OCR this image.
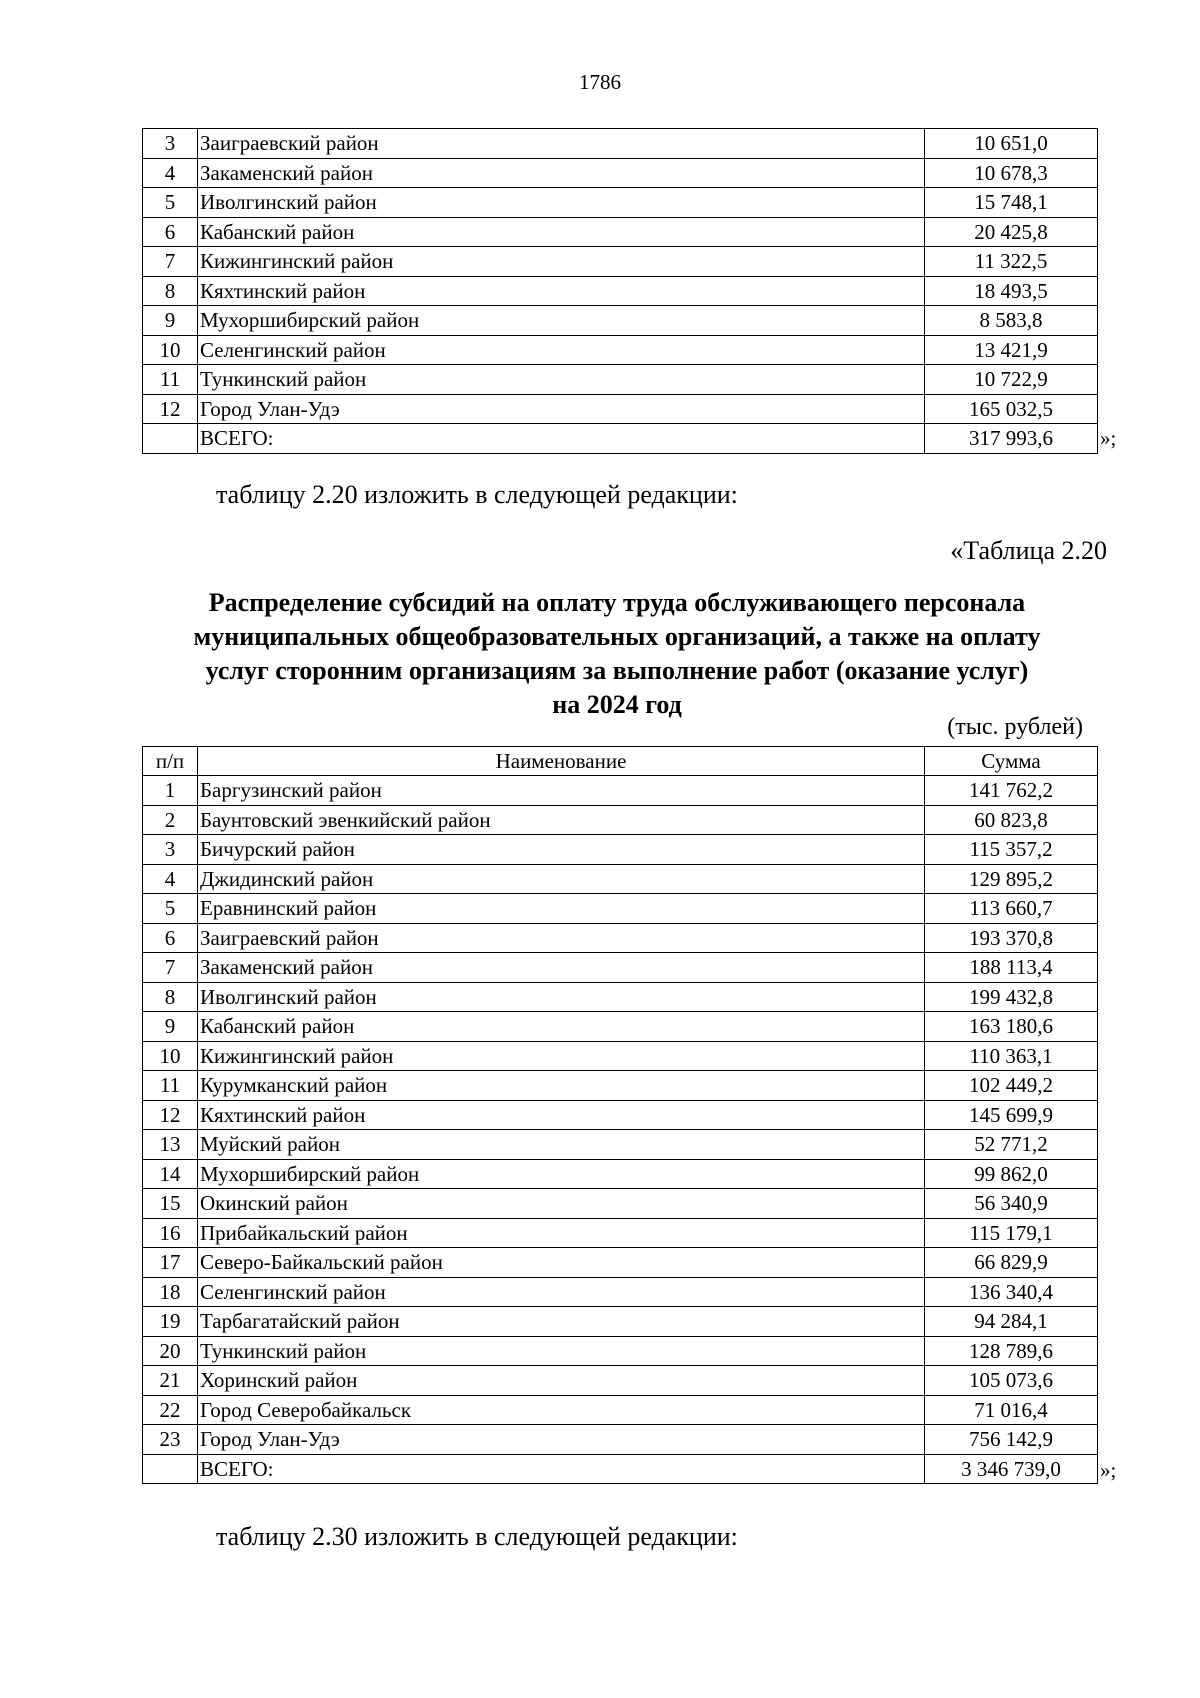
1786
3	Заиграевский район	10 651,0
4	Закаменский район	10 678,3
5	Иволгинский район	15 748,1
6	Кабанский район	20 425,8
7	Кижингинский район	11 322,5
8	Кяхтинский район	18 493,5
9	Мухоршибирский район	8 583,8
10	Селенгинский район	13 421,9
11	Тункинский район	10 722,9
12	Город Улан-Удэ	165 032,5
	ВСЕГО:	317 993,6 »;
таблицу 2.20 изложить в следующей редакции:
«Таблица 2.20
Распределение субсидий на оплату труда обслуживающего персонала
муниципальных общеобразовательных организаций, а также на оплату
услуг сторонним организациям за выполнение работ (оказание услуг)
на 2024 год
(тыс. рублей)
п/п	Наименование	Сумма
1	Баргузинский район	141 762,2
2	Баунтовский эвенкийский район	60 823,8
3	Бичурский район	115 357,2
4	Джидинский район	129 895,2
5	Еравнинский район	113 660,7
6	Заиграевский район	193 370,8
7	Закаменский район	188 113,4
8	Иволгинский район	199 432,8
9	Кабанский район	163 180,6
10	Кижингинский район	110 363,1
11	Курумканский район	102 449,2
12	Кяхтинский район	145 699,9
13	Муйский район	52 771,2
14	Мухоршибирский район	99 862,0
15	Окинский район	56 340,9
16	Прибайкальский район	115 179,1
17	Северо-Байкальский район	66 829,9
18	Селенгинский район	136 340,4
19	Тарбагатайский район	94 284,1
20	Тункинский район	128 789,6
21	Хоринский район	105 073,6
22	Город Северобайкальск	71 016,4
23	Город Улан-Удэ	756 142,9
	ВСЕГО:	3 346 739,0 »;
таблицу 2.30 изложить в следующей редакции:
